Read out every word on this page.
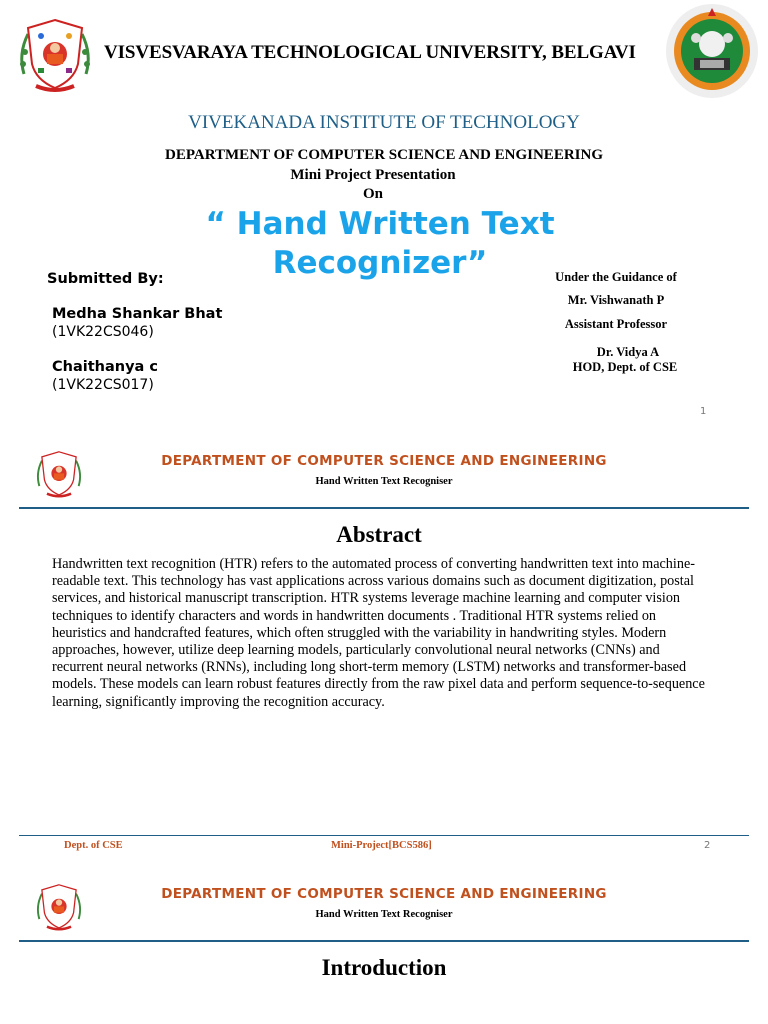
VISVESVARAYA TECHNOLOGICAL UNIVERSITY, BELGAVI
VIVEKANADA INSTITUTE OF TECHNOLOGY
DEPARTMENT OF COMPUTER SCIENCE AND ENGINEERING
Mini Project Presentation
On
“ Hand Written Text Recognizer”
Submitted By:
Medha Shankar Bhat
(1VK22CS046)
Chaithanya c
(1VK22CS017)
Under the Guidance of
Mr. Vishwanath P
Assistant Professor
Dr. Vidya A
HOD, Dept. of CSE
1
DEPARTMENT OF COMPUTER SCIENCE AND ENGINEERING
Hand Written Text Recogniser
Abstract
Handwritten text recognition (HTR) refers to the automated process of converting handwritten text into machine-readable text. This technology has vast applications across various domains such as document digitization, postal services, and historical manuscript transcription. HTR systems leverage machine learning and computer vision techniques to identify characters and words in handwritten documents . Traditional HTR systems relied on heuristics and handcrafted features, which often struggled with the variability in handwriting styles. Modern approaches, however, utilize deep learning models, particularly convolutional neural networks (CNNs) and recurrent neural networks (RNNs), including long short-term memory (LSTM) networks and transformer-based models. These models can learn robust features directly from the raw pixel data and perform sequence-to-sequence learning, significantly improving the recognition accuracy.
Dept. of CSE	Mini-Project[BCS586]	2
DEPARTMENT OF COMPUTER SCIENCE AND ENGINEERING
Hand Written Text Recogniser
Introduction
